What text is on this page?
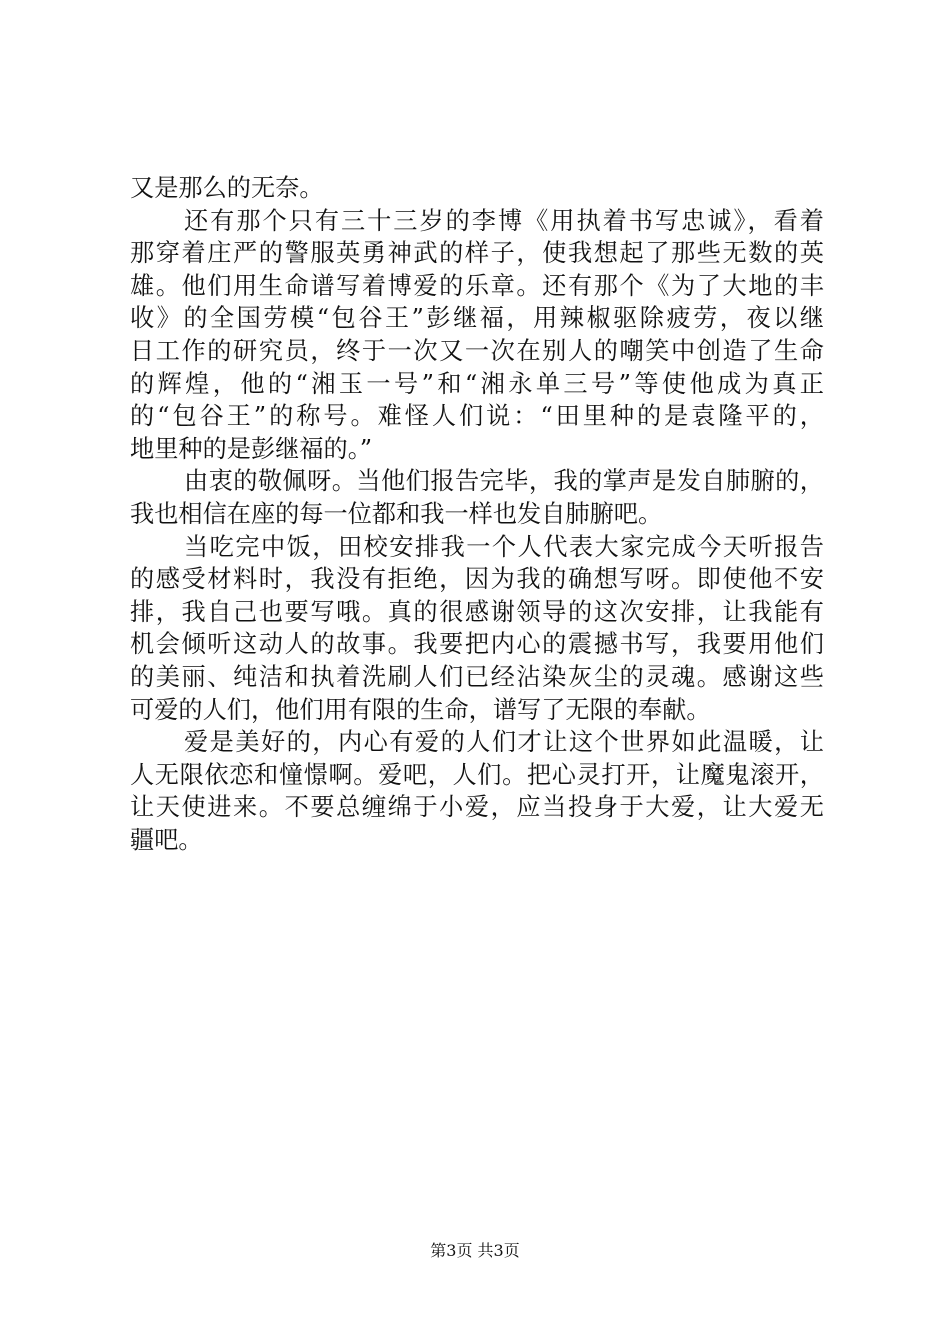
又是那么的无奈。
还有那个只有三十三岁的李博《用执着书写忠诚》，看着
那穿着庄严的警服英勇神武的样子，使我想起了那些无数的英
雄。他们用生命谱写着博爱的乐章。还有那个《为了大地的丰
收》的全国劳模“包谷王”彭继福，用辣椒驱除疲劳，夜以继
日工作的研究员，终于一次又一次在别人的嘲笑中创造了生命
的辉煌，他的“湘玉一号”和“湘永单三号”等使他成为真正
的“包谷王”的称号。难怪人们说：“田里种的是袁隆平的，
地里种的是彭继福的。”
由衷的敬佩呀。当他们报告完毕，我的掌声是发自肺腑的，
我也相信在座的每一位都和我一样也发自肺腑吧。
当吃完中饭，田校安排我一个人代表大家完成今天听报告
的感受材料时，我没有拒绝，因为我的确想写呀。即使他不安
排，我自己也要写哦。真的很感谢领导的这次安排，让我能有
机会倾听这动人的故事。我要把内心的震撼书写，我要用他们
的美丽、纯洁和执着洗刷人们已经沾染灰尘的灵魂。感谢这些
可爱的人们，他们用有限的生命，谱写了无限的奉献。
爱是美好的，内心有爱的人们才让这个世界如此温暖，让
人无限依恋和憧憬啊。爱吧，人们。把心灵打开，让魔鬼滚开，
让天使进来。不要总缠绵于小爱，应当投身于大爱，让大爱无
疆吧。
第3页 共3页
